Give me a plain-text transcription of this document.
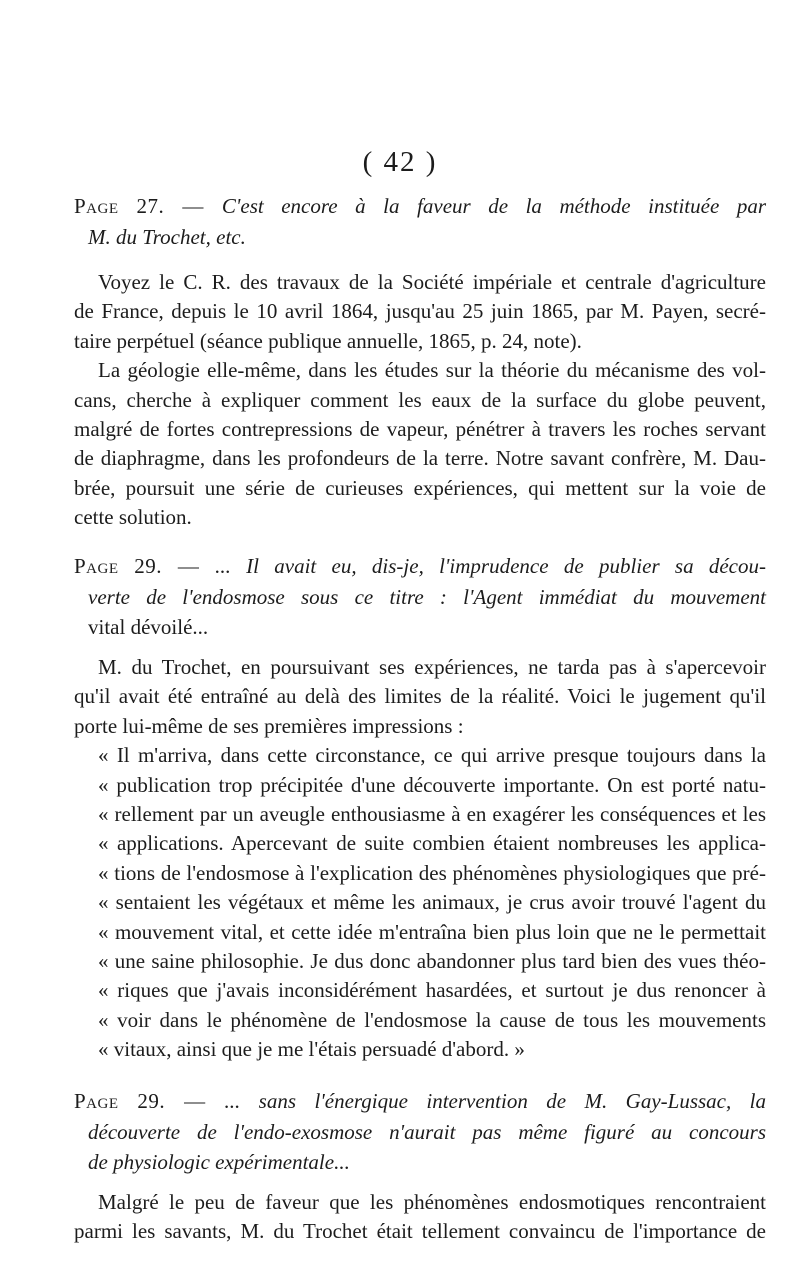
( 42 )
Page 27. — C'est encore à la faveur de la méthode instituée par
M. du Trochet, etc.
Voyez le C. R. des travaux de la Société impériale et centrale d'agriculture
de France, depuis le 10 avril 1864, jusqu'au 25 juin 1865, par M. Payen, secré-
taire perpétuel (séance publique annuelle, 1865, p. 24, note).
La géologie elle-même, dans les études sur la théorie du mécanisme des vol-
cans, cherche à expliquer comment les eaux de la surface du globe peuvent,
malgré de fortes contrepressions de vapeur, pénétrer à travers les roches servant
de diaphragme, dans les profondeurs de la terre. Notre savant confrère, M. Dau-
brée, poursuit une série de curieuses expériences, qui mettent sur la voie de
cette solution.
Page 29. — ... Il avait eu, dis-je, l'imprudence de publier sa décou-
verte de l'endosmose sous ce titre : l'Agent immédiat du mouvement
vital dévoilé...
M. du Trochet, en poursuivant ses expériences, ne tarda pas à s'apercevoir
qu'il avait été entraîné au delà des limites de la réalité. Voici le jugement qu'il
porte lui-même de ses premières impressions :
« Il m'arriva, dans cette circonstance, ce qui arrive presque toujours dans la
« publication trop précipitée d'une découverte importante. On est porté natu-
« rellement par un aveugle enthousiasme à en exagérer les conséquences et les
« applications. Apercevant de suite combien étaient nombreuses les applica-
« tions de l'endosmose à l'explication des phénomènes physiologiques que pré-
« sentaient les végétaux et même les animaux, je crus avoir trouvé l'agent du
« mouvement vital, et cette idée m'entraîna bien plus loin que ne le permettait
« une saine philosophie. Je dus donc abandonner plus tard bien des vues théo-
« riques que j'avais inconsidérément hasardées, et surtout je dus renoncer à
« voir dans le phénomène de l'endosmose la cause de tous les mouvements
« vitaux, ainsi que je me l'étais persuadé d'abord. »
Page 29. — ... sans l'énergique intervention de M. Gay-Lussac, la
découverte de l'endo-exosmose n'aurait pas même figuré au concours
de physiologic expérimentale...
Malgré le peu de faveur que les phénomènes endosmotiques rencontraient
parmi les savants, M. du Trochet était tellement convaincu de l'importance de
